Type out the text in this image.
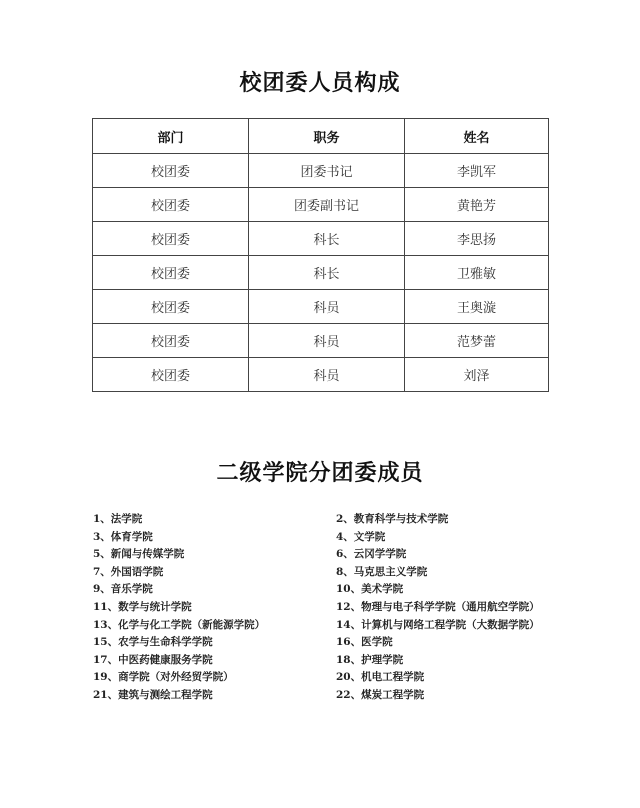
校团委人员构成
部门	职务	姓名
校团委	团委书记	李凯军
校团委	团委副书记	黄艳芳
校团委	科长	李思扬
校团委	科长	卫雅敏
校团委	科员	王奥漩
校团委	科员	范梦蕾
校团委	科员	刘泽
二级学院分团委成员
1、法学院
3、体育学院
5、新闻与传媒学院
7、外国语学院
9、音乐学院
11、数学与统计学院
13、化学与化工学院（新能源学院）
15、农学与生命科学学院
17、中医药健康服务学院
19、商学院（对外经贸学院）
21、建筑与测绘工程学院
2、教育科学与技术学院
4、文学院
6、云冈学学院
8、马克思主义学院
10、美术学院
12、物理与电子科学学院（通用航空学院）
14、计算机与网络工程学院（大数据学院）
16、医学院
18、护理学院
20、机电工程学院
22、煤炭工程学院
